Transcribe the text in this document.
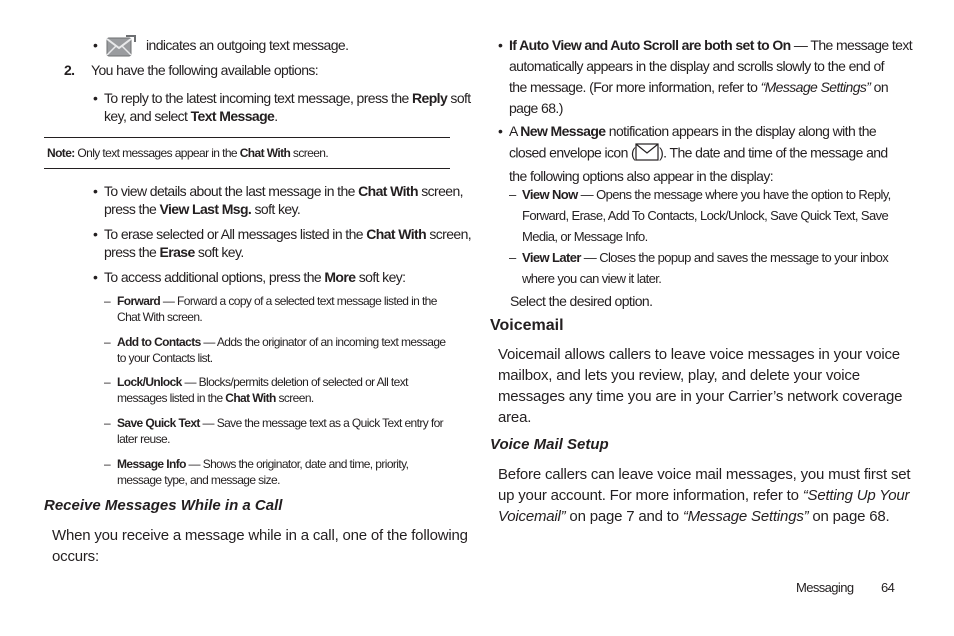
•	indicates an outgoing text message.
2. You have the following available options:
• To reply to the latest incoming text message, press the Reply soft
key, and select Text Message.
Note: Only text messages appear in the Chat With screen.
• To view details about the last message in the Chat With screen,
press the View Last Msg. soft key.
• To erase selected or All messages listed in the Chat With screen,
press the Erase soft key.
• To access additional options, press the More soft key:
– Forward — Forward a copy of a selected text message listed in the
Chat With screen.
– Add to Contacts — Adds the originator of an incoming text message
to your Contacts list.
– Lock/Unlock — Blocks/permits deletion of selected or All text
messages listed in the Chat With screen.
– Save Quick Text — Save the message text as a Quick Text entry for
later reuse.
– Message Info — Shows the originator, date and time, priority,
message type, and message size.
Receive Messages While in a Call
When you receive a message while in a call, one of the following
occurs:
• If Auto View and Auto Scroll are both set to On — The message text
automatically appears in the display and scrolls slowly to the end of
the message. (For more information, refer to “Message Settings” on
page 68.)
• A New Message notification appears in the display along with the
closed envelope icon ( ). The date and time of the message and
the following options also appear in the display:
– View Now — Opens the message where you have the option to Reply,
Forward, Erase, Add To Contacts, Lock/Unlock, Save Quick Text, Save
Media, or Message Info.
– View Later — Closes the popup and saves the message to your inbox
where you can view it later.
Select the desired option.
Voicemail
Voicemail allows callers to leave voice messages in your voice
mailbox, and lets you review, play, and delete your voice
messages any time you are in your Carrier’s network coverage
area.
Voice Mail Setup
Before callers can leave voice mail messages, you must first set
up your account. For more information, refer to “Setting Up Your
Voicemail” on page 7 and to “Message Settings” on page 68.
Messaging 64
